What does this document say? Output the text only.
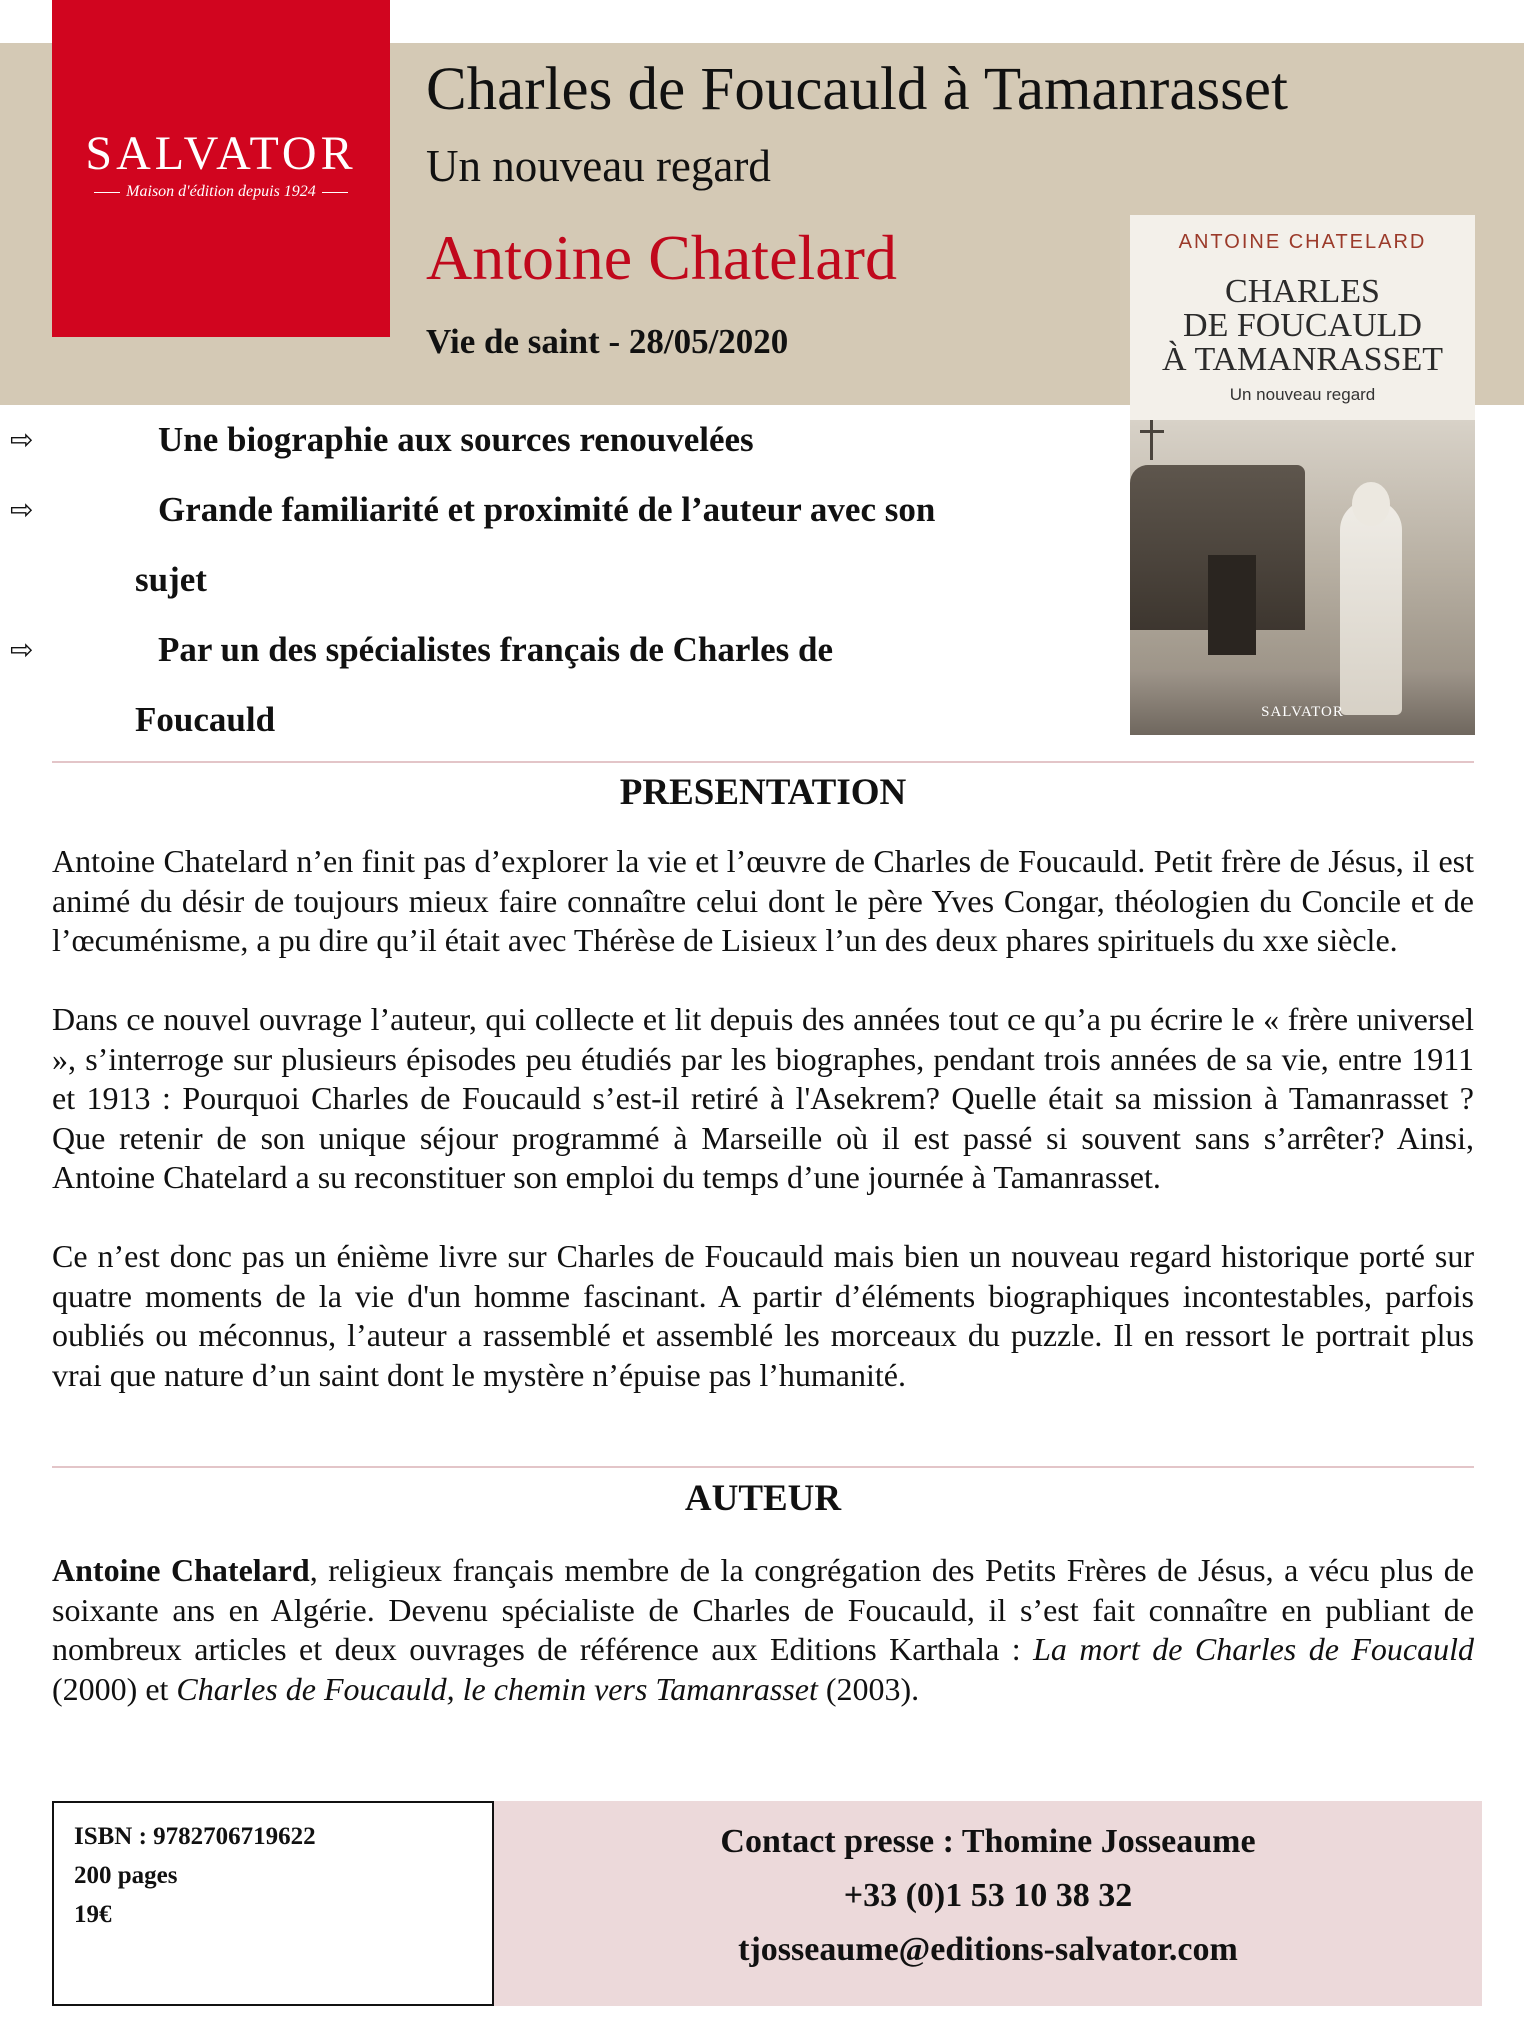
SALVATOR
Maison d'édition depuis 1924
Charles de Foucauld à Tamanrasset
Un nouveau regard
Antoine Chatelard
Vie de saint - 28/05/2020
ANTOINE CHATELARD
CHARLES
DE FOUCAULD
À TAMANRASSET
Un nouveau regard
SALVATOR
⇨	Une biographie aux sources renouvelées
⇨	Grande familiarité et proximité de l’auteur avec son
sujet
⇨	Par un des spécialistes français de Charles de
Foucauld
PRESENTATION

Antoine Chatelard n’en finit pas d’explorer la vie et l’œuvre de Charles de Foucauld. Petit frère de Jésus, il est animé du désir de toujours mieux faire connaître celui dont le père Yves Congar, théologien du Concile et de l’œcuménisme, a pu dire qu’il était avec Thérèse de Lisieux l’un des deux phares spirituels du xxe siècle.

Dans ce nouvel ouvrage l’auteur, qui collecte et lit depuis des années tout ce qu’a pu écrire le « frère universel », s’interroge sur plusieurs épisodes peu étudiés par les biographes, pendant trois années de sa vie, entre 1911 et 1913 : Pourquoi Charles de Foucauld s’est-il retiré à l'Asekrem? Quelle était sa mission à Tamanrasset ? Que retenir de son unique séjour programmé à Marseille où il est passé si souvent sans s’arrêter? Ainsi, Antoine Chatelard a su reconstituer son emploi du temps d’une journée à Tamanrasset.

Ce n’est donc pas un énième livre sur Charles de Foucauld mais bien un nouveau regard historique porté sur quatre moments de la vie d'un homme fascinant. A partir d’éléments biographiques incontestables, parfois oubliés ou méconnus, l’auteur a rassemblé et assemblé les morceaux du puzzle. Il en ressort le portrait plus vrai que nature d’un saint dont le mystère n’épuise pas l’humanité.

AUTEUR

Antoine Chatelard, religieux français membre de la congrégation des Petits Frères de Jésus, a vécu plus de soixante ans en Algérie. Devenu spécialiste de Charles de Foucauld, il s’est fait connaître en publiant de nombreux articles et deux ouvrages de référence aux Editions Karthala : La mort de Charles de Foucauld (2000) et Charles de Foucauld, le chemin vers Tamanrasset (2003).

ISBN : 9782706719622
200 pages
19€
Contact presse : Thomine Josseaume
+33 (0)1 53 10 38 32
tjosseaume@editions-salvator.com
